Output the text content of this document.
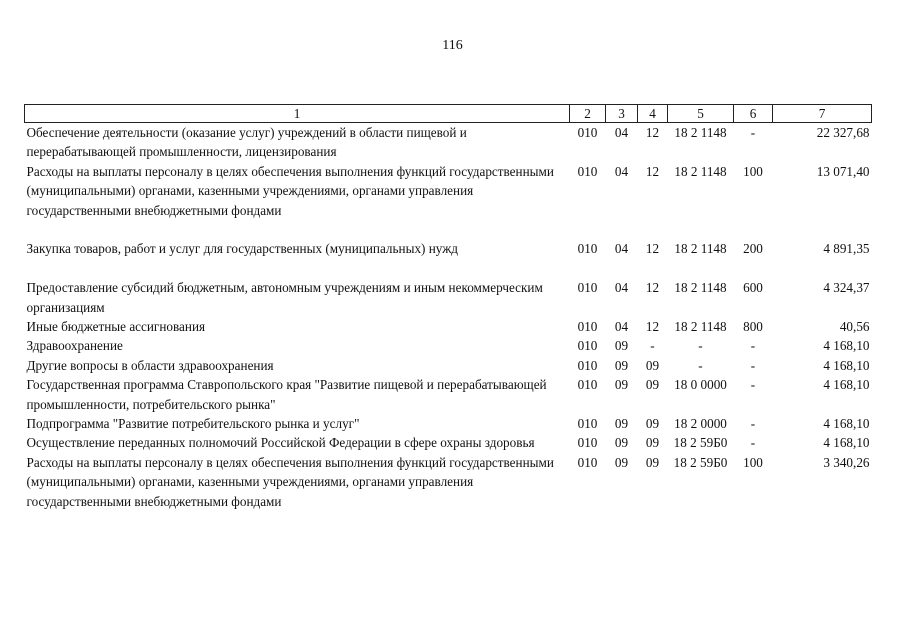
116
1	2	3	4	5	6	7
Обеспечение деятельности (оказание услуг) учреждений в области пищевой и перерабатывающей промышленности, лицензирования	010	04	12	18 2 1148	-	22 327,68
Расходы на выплаты персоналу в целях обеспечения выполнения функций государственными (муниципальными) органами, казенными учреждениями, органами управления государственными внебюджетными фондами	010	04	12	18 2 1148	100	13 071,40
Закупка товаров, работ и услуг для государственных (муниципальных) нужд	010	04	12	18 2 1148	200	4 891,35
Предоставление субсидий бюджетным, автономным учреждениям и иным некоммерческим организациям	010	04	12	18 2 1148	600	4 324,37
Иные бюджетные ассигнования	010	04	12	18 2 1148	800	40,56
Здравоохранение	010	09	-	-	-	4 168,10
Другие вопросы в области здравоохранения	010	09	09	-	-	4 168,10
Государственная программа Ставропольского края "Развитие пищевой и перерабатывающей промышленности, потребительского рынка"	010	09	09	18 0 0000	-	4 168,10
Подпрограмма "Развитие потребительского рынка и услуг"	010	09	09	18 2 0000	-	4 168,10
Осуществление переданных полномочий Российской Федерации в сфере охраны здоровья	010	09	09	18 2 59Б0	-	4 168,10
Расходы на выплаты персоналу в целях обеспечения выполнения функций государственными (муниципальными) органами, казенными учреждениями, органами управления государственными внебюджетными фондами	010	09	09	18 2 59Б0	100	3 340,26
